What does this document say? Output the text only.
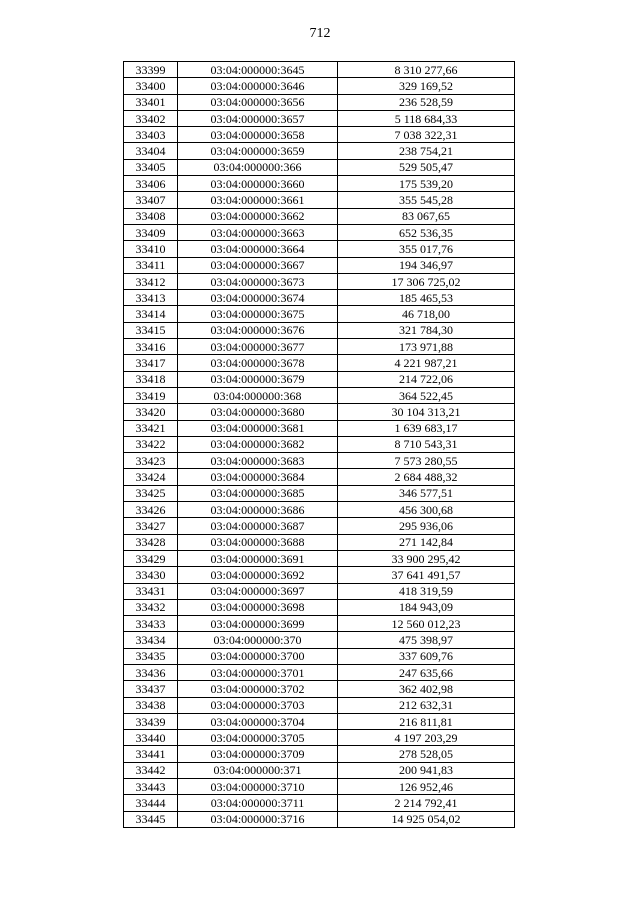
712
33399	03:04:000000:3645	8 310 277,66
33400	03:04:000000:3646	329 169,52
33401	03:04:000000:3656	236 528,59
33402	03:04:000000:3657	5 118 684,33
33403	03:04:000000:3658	7 038 322,31
33404	03:04:000000:3659	238 754,21
33405	03:04:000000:366	529 505,47
33406	03:04:000000:3660	175 539,20
33407	03:04:000000:3661	355 545,28
33408	03:04:000000:3662	83 067,65
33409	03:04:000000:3663	652 536,35
33410	03:04:000000:3664	355 017,76
33411	03:04:000000:3667	194 346,97
33412	03:04:000000:3673	17 306 725,02
33413	03:04:000000:3674	185 465,53
33414	03:04:000000:3675	46 718,00
33415	03:04:000000:3676	321 784,30
33416	03:04:000000:3677	173 971,88
33417	03:04:000000:3678	4 221 987,21
33418	03:04:000000:3679	214 722,06
33419	03:04:000000:368	364 522,45
33420	03:04:000000:3680	30 104 313,21
33421	03:04:000000:3681	1 639 683,17
33422	03:04:000000:3682	8 710 543,31
33423	03:04:000000:3683	7 573 280,55
33424	03:04:000000:3684	2 684 488,32
33425	03:04:000000:3685	346 577,51
33426	03:04:000000:3686	456 300,68
33427	03:04:000000:3687	295 936,06
33428	03:04:000000:3688	271 142,84
33429	03:04:000000:3691	33 900 295,42
33430	03:04:000000:3692	37 641 491,57
33431	03:04:000000:3697	418 319,59
33432	03:04:000000:3698	184 943,09
33433	03:04:000000:3699	12 560 012,23
33434	03:04:000000:370	475 398,97
33435	03:04:000000:3700	337 609,76
33436	03:04:000000:3701	247 635,66
33437	03:04:000000:3702	362 402,98
33438	03:04:000000:3703	212 632,31
33439	03:04:000000:3704	216 811,81
33440	03:04:000000:3705	4 197 203,29
33441	03:04:000000:3709	278 528,05
33442	03:04:000000:371	200 941,83
33443	03:04:000000:3710	126 952,46
33444	03:04:000000:3711	2 214 792,41
33445	03:04:000000:3716	14 925 054,02
